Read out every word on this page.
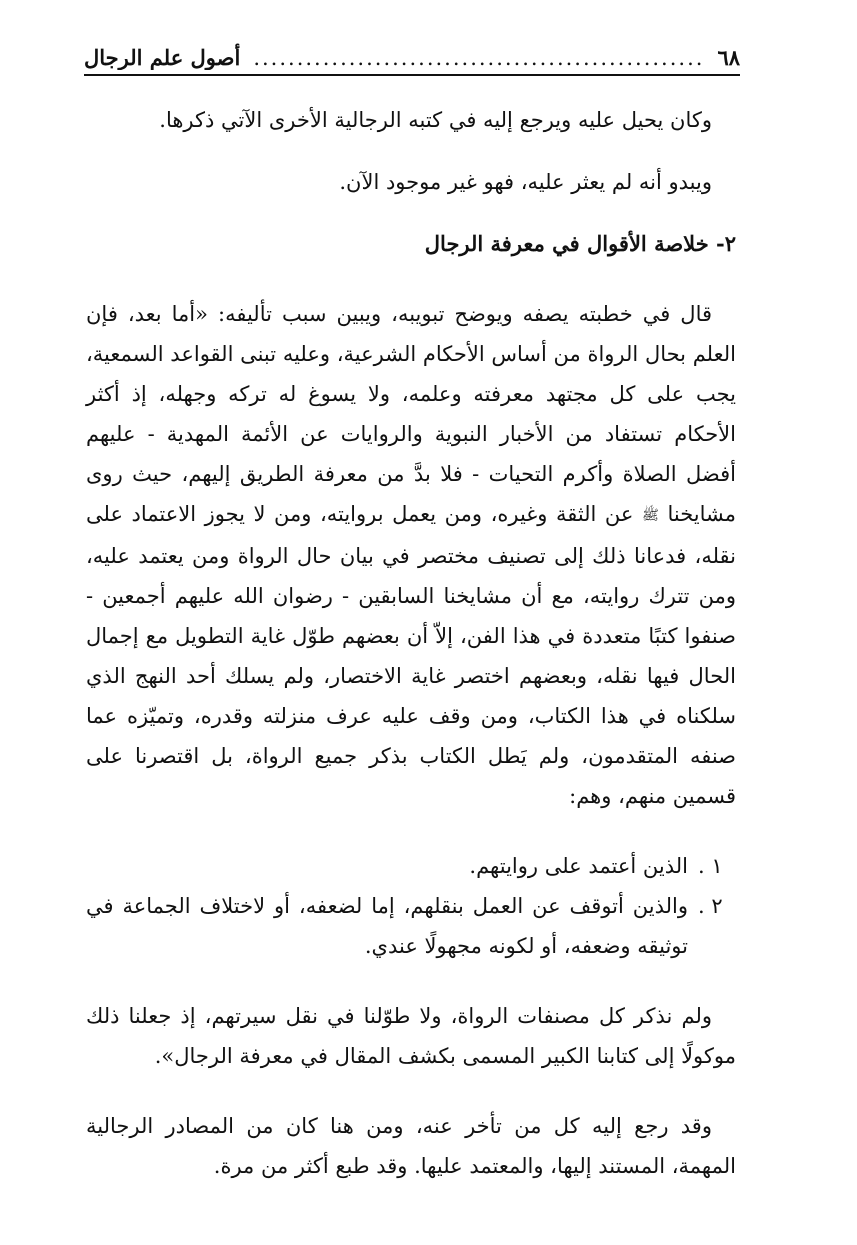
٦٨
....................................................
أصول علم الرجال

وكان يحيل عليه ويرجع إليه في كتبه الرجالية الأخرى الآتي ذكرها.

ويبدو أنه لم يعثر عليه، فهو غير موجود الآن.

٢- خلاصة الأقوال في معرفة الرجال

قال في خطبته يصفه ويوضح تبويبه، ويبين سبب تأليفه: «أما بعد، فإن العلم بحال الرواة من أساس الأحكام الشرعية، وعليه تبنى القواعد السمعية، يجب على كل مجتهد معرفته وعلمه، ولا يسوغ له تركه وجهله، إذ أكثر الأحكام تستفاد من الأخبار النبوية والروايات عن الأئمة المهدية - عليهم أفضل الصلاة وأكرم التحيات - فلا بدَّ من معرفة الطريق إليهم، حيث روى مشايخنا ﷺ عن الثقة وغيره، ومن يعمل بروايته، ومن لا يجوز الاعتماد على نقله، فدعانا ذلك إلى تصنيف مختصر في بيان حال الرواة ومن يعتمد عليه، ومن تترك روايته، مع أن مشايخنا السابقين - رضوان الله عليهم أجمعين - صنفوا كتبًا متعددة في هذا الفن، إلاّ أن بعضهم طوّل غاية التطويل مع إجمال الحال فيها نقله، وبعضهم اختصر غاية الاختصار، ولم يسلك أحد النهج الذي سلكناه في هذا الكتاب، ومن وقف عليه عرف منزلته وقدره، وتميّزه عما صنفه المتقدمون، ولم يَطل الكتاب بذكر جميع الرواة، بل اقتصرنا على قسمين منهم، وهم:

١ .
الذين أعتمد على روايتهم.
٢ .
والذين أتوقف عن العمل بنقلهم، إما لضعفه، أو لاختلاف الجماعة في توثيقه وضعفه، أو لكونه مجهولًا عندي.

ولم نذكر كل مصنفات الرواة، ولا طوّلنا في نقل سيرتهم، إذ جعلنا ذلك موكولًا إلى كتابنا الكبير المسمى بكشف المقال في معرفة الرجال».

وقد رجع إليه كل من تأخر عنه، ومن هنا كان من المصادر الرجالية المهمة، المستند إليها، والمعتمد عليها. وقد طبع أكثر من مرة.
